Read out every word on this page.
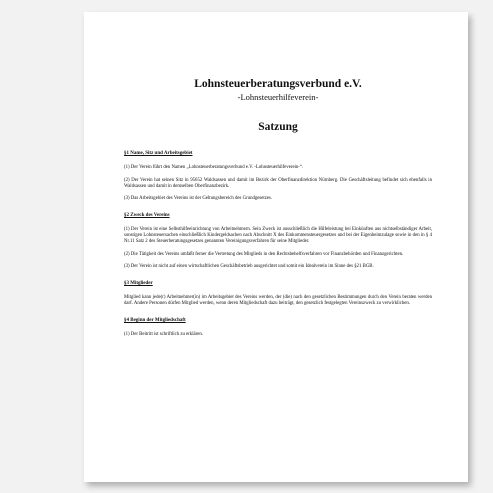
Lohnsteuerberatungsverbund e.V.

-Lohnsteuerhilfeverein-

Satzung

§1 Name, Sitz und Arbeitsgebiet

(1) Der Verein führt den Namen „Lohnsteuerberatungsverbund e.V. -Lohnsteuerhilfeverein-“.

(2) Der Verein hat seinen Sitz in 95652 Waldsassen und damit im Bezirk der Oberfinanzdirektion Nürnberg. Die Geschäftsleitung befindet sich ebenfalls in Waldsassen und damit in demselben Oberfinanzbezirk.

(3) Das Arbeitsgebiet des Vereins ist der Geltungsbereich des Grundgesetzes.

§2 Zweck des Vereins

(1) Der Verein ist eine Selbsthilfeeinrichtung von Arbeitnehmern. Sein Zweck ist ausschließlich die Hilfeleistung bei Einkünften aus nichtselbständiger Arbeit, sonstigen Lohnsteuersachen einschließlich Kindergeldsachen nach Abschnitt X des Einkommensteuergesetzes und bei der Eigenheimzulage sowie in den in § 4 Nr.11 Satz 2 des Steuerberatungsgesetzes genannten Vereinigungsverfahren für seine Mitglieder.

(2) Die Tätigkeit des Vereins umfaßt ferner die Vertretung des Mitglieds in den Rechtsbehelfsverfahren vor Finanzbehörden und Finanzgerichten.

(3) Der Verein ist nicht auf einen wirtschaftlichen Geschäftsbetrieb ausgerichtet und somit ein Idealverein im Sinne des §21 BGB.

§3 Mitglieder

Mitglied kann jede(r) Arbeitnehmer(in) im Arbeitsgebiet des Vereins werden, der (die) nach den gesetzlichen Bestimmungen durch den Verein beraten werden darf. Andere Personen dürfen Mitglied werden, wenn deren Mitgliedschaft dazu beiträgt, den gesetzlich festgelegten Vereinszweck zu verwirklichen.

§4 Beginn der Mitgliedschaft

(1) Der Beitritt ist schriftlich zu erklären.
